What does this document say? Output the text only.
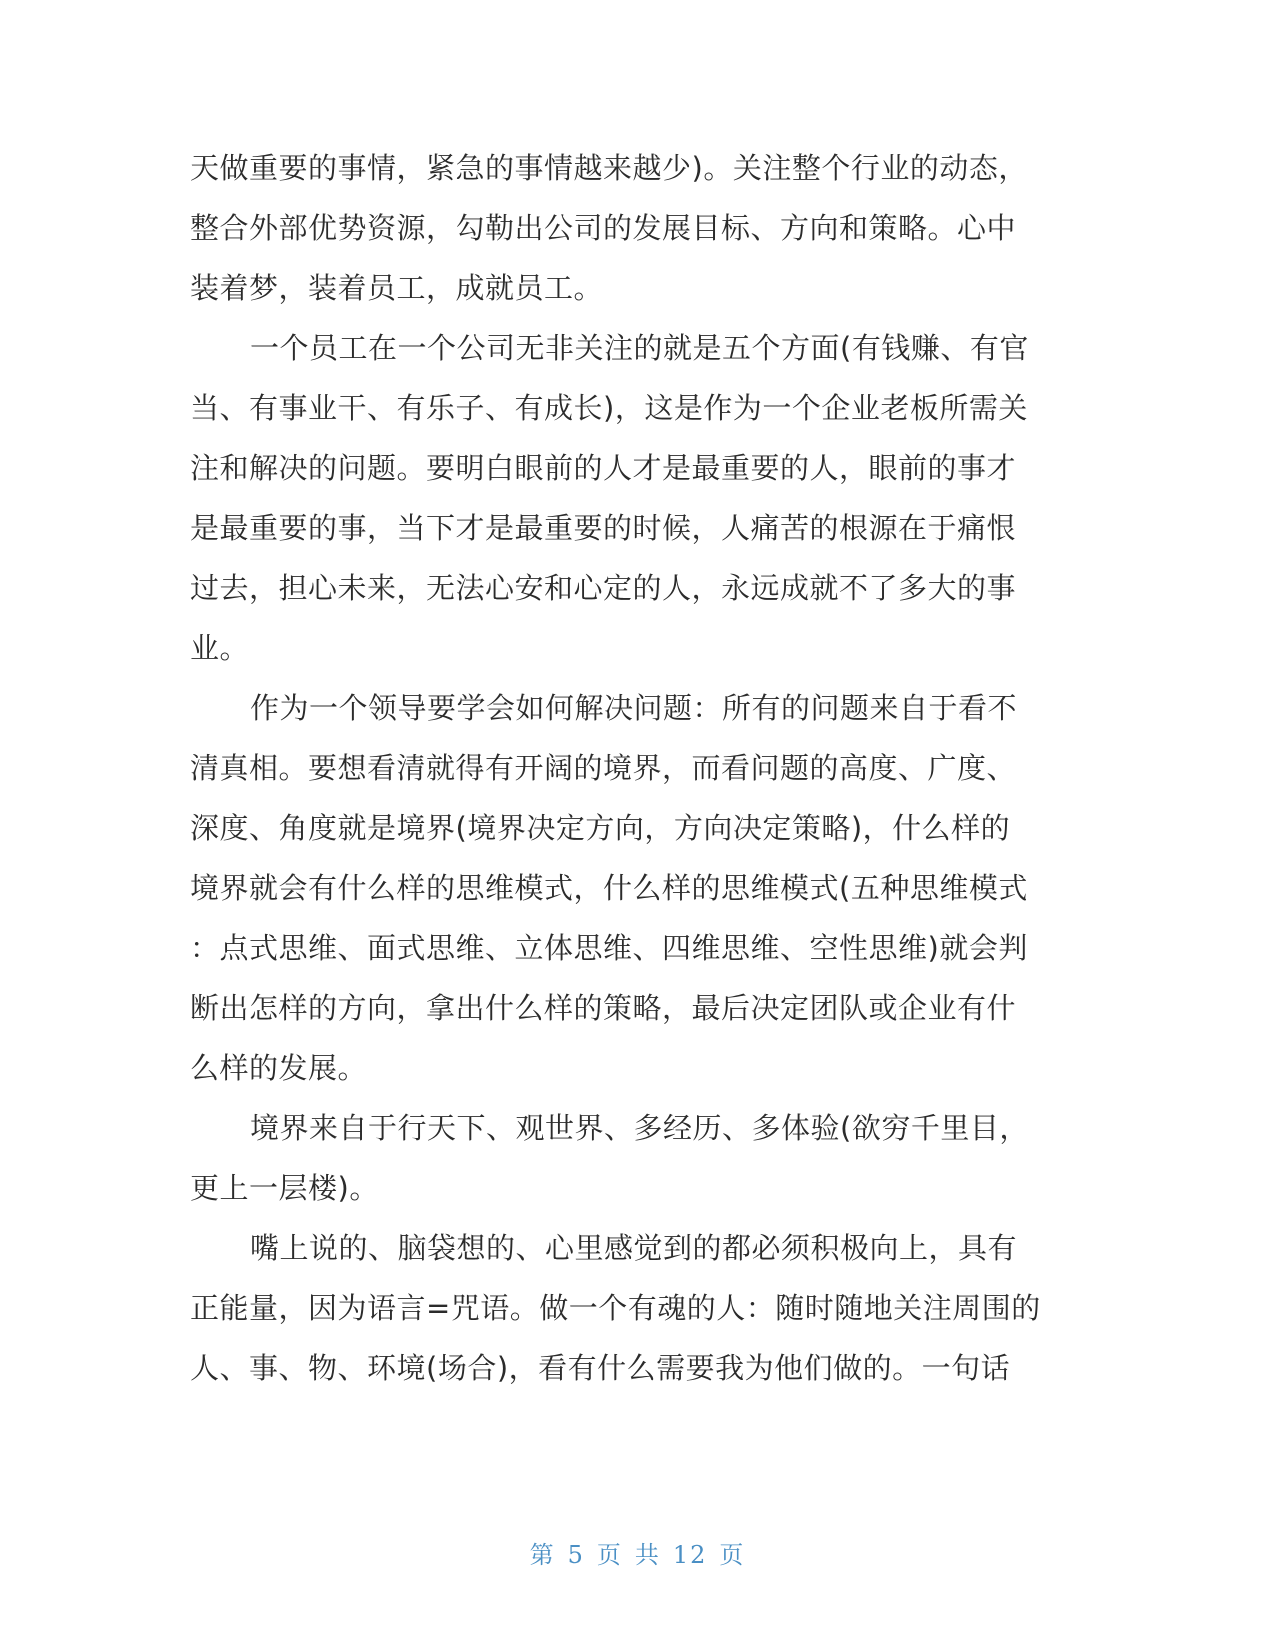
天做重要的事情，紧急的事情越来越少)。关注整个行业的动态，
整合外部优势资源，勾勒出公司的发展目标、方向和策略。心中
装着梦，装着员工，成就员工。
一个员工在一个公司无非关注的就是五个方面(有钱赚、有官
当、有事业干、有乐子、有成长)，这是作为一个企业老板所需关
注和解决的问题。要明白眼前的人才是最重要的人，眼前的事才
是最重要的事，当下才是最重要的时候，人痛苦的根源在于痛恨
过去，担心未来，无法心安和心定的人，永远成就不了多大的事
业。
作为一个领导要学会如何解决问题：所有的问题来自于看不
清真相。要想看清就得有开阔的境界，而看问题的高度、广度、
深度、角度就是境界(境界决定方向，方向决定策略)，什么样的
境界就会有什么样的思维模式，什么样的思维模式(五种思维模式
：点式思维、面式思维、立体思维、四维思维、空性思维)就会判
断出怎样的方向，拿出什么样的策略，最后决定团队或企业有什
么样的发展。
境界来自于行天下、观世界、多经历、多体验(欲穷千里目，
更上一层楼)。
嘴上说的、脑袋想的、心里感觉到的都必须积极向上，具有
正能量，因为语言=咒语。做一个有魂的人：随时随地关注周围的
人、事、物、环境(场合)，看有什么需要我为他们做的。一句话
第 5 页 共 12 页
